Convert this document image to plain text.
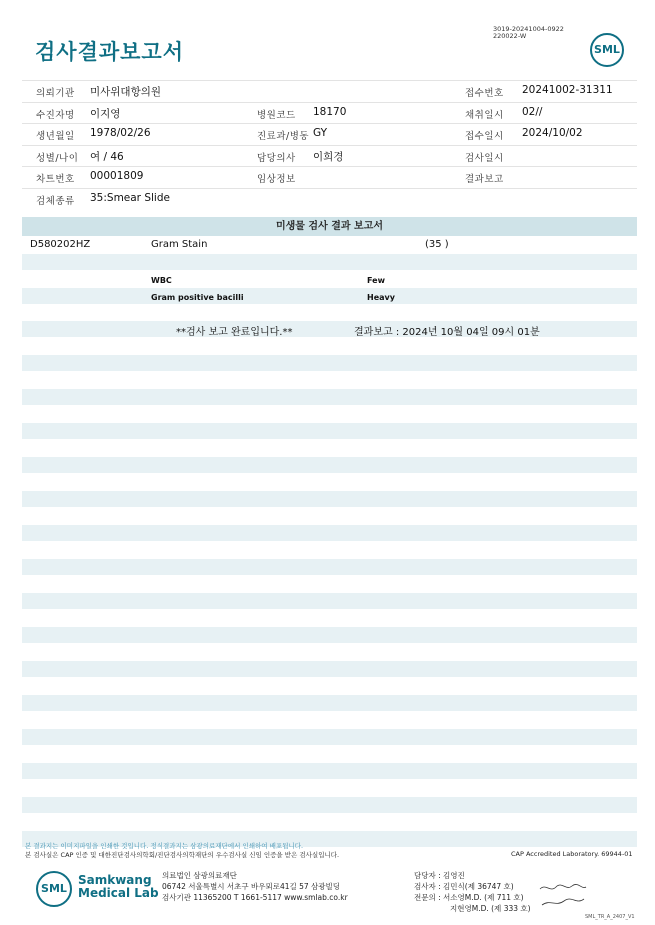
검사결과보고서
3019-20241004-0922
220022-W
SML
의뢰기관 미사위대항의원	접수번호 20241002-31311
수진자명 이지영	병원코드 18170	채취일시 02//
생년월일 1978/02/26	진료과/병동 GY	접수일시 2024/10/02
성별/나이 여 / 46	담당의사 이희경	검사일시
차트번호 00001809	임상정보	결과보고
검체종류 35:Smear Slide
미생물 검사 결과 보고서
D580202HZ	Gram Stain	(35 )
WBC	Few
Gram positive bacilli	Heavy
**검사 보고 완료입니다.**	결과보고 : 2024년 10월 04일 09시 01분
본 결과지는 이미지파일을 인쇄한 것입니다. 정식결과지는 삼광의료재단에서 인쇄하여 배포됩니다.
본 검사실은 CAP 인증 및 대한진단검사의학회/진단검사의학재단의 우수검사실 신임 인증을 받은 검사실입니다.	CAP Accredited Laboratory. 69944-01
SML
Samkwang
Medical Lab
의료법인 삼광의료재단
06742 서울특별시 서초구 바우뫼로41길 57 삼광빌딩
검사기관 11365200 T 1661-5117 www.smlab.co.kr
담당자 : 김영진
검사자 : 김민식(제 36747 호)
전문의 : 서소영M.D. (제 711 호)
지현영M.D. (제 333 호)
SML_TR_A_2407_V1
